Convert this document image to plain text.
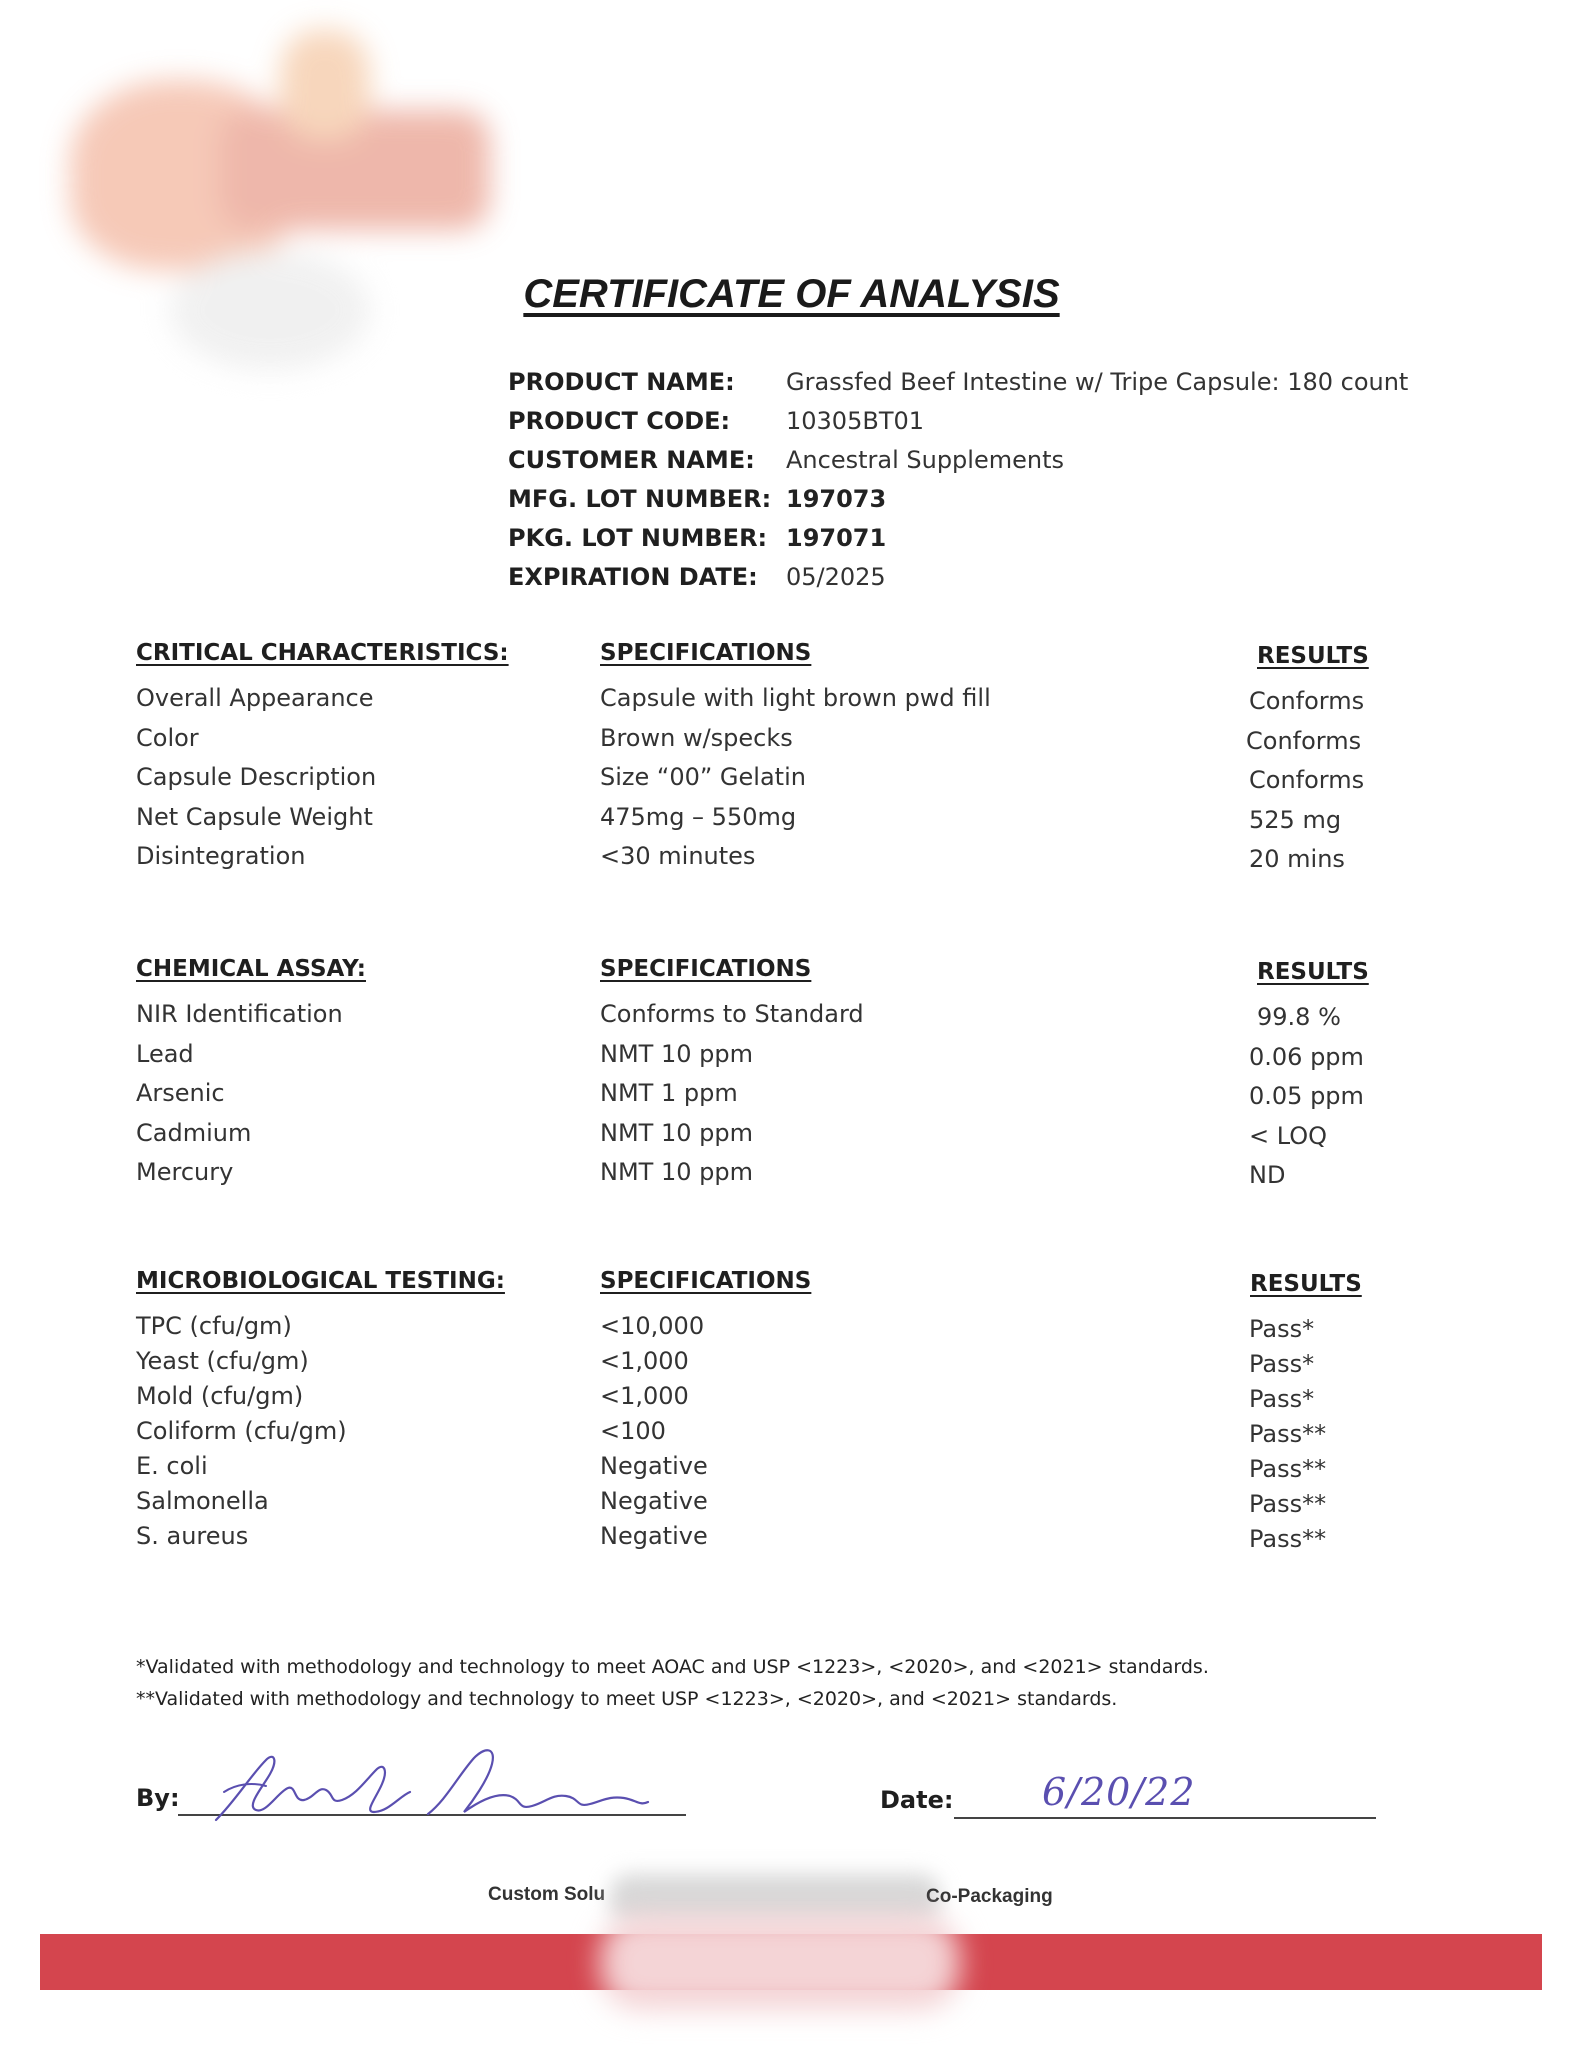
CERTIFICATE OF ANALYSIS
PRODUCT NAME:	Grassfed Beef Intestine w/ Tripe Capsule: 180 count
PRODUCT CODE:	10305BT01
CUSTOMER NAME:	Ancestral Supplements
MFG. LOT NUMBER: 197073
PKG. LOT NUMBER: 197071
EXPIRATION DATE:	05/2025
CRITICAL CHARACTERISTICS:	SPECIFICATIONS	RESULTS
Overall Appearance	Capsule with light brown pwd fill	Conforms
Color	Brown w/specks	Conforms
Capsule Description	Size “00” Gelatin	Conforms
Net Capsule Weight	475mg – 550mg	525 mg
Disintegration	<30 minutes	20 mins
CHEMICAL ASSAY:	SPECIFICATIONS	RESULTS
NIR Identification	Conforms to Standard	99.8 %
Lead	NMT 10 ppm	0.06 ppm
Arsenic	NMT 1 ppm	0.05 ppm
Cadmium	NMT 10 ppm	< LOQ
Mercury	NMT 10 ppm	ND
MICROBIOLOGICAL TESTING:	SPECIFICATIONS	RESULTS
TPC (cfu/gm)	<10,000	Pass*
Yeast (cfu/gm)	<1,000	Pass*
Mold (cfu/gm)	<1,000	Pass*
Coliform (cfu/gm)	<100	Pass**
E. coli	Negative	Pass**
Salmonella	Negative	Pass**
S. aureus	Negative	Pass**
*Validated with methodology and technology to meet AOAC and USP <1223>, <2020>, and <2021> standards.
**Validated with methodology and technology to meet USP <1223>, <2020>, and <2021> standards.
By:	Date: 6/20/22
Custom Solu	Co-Packaging
